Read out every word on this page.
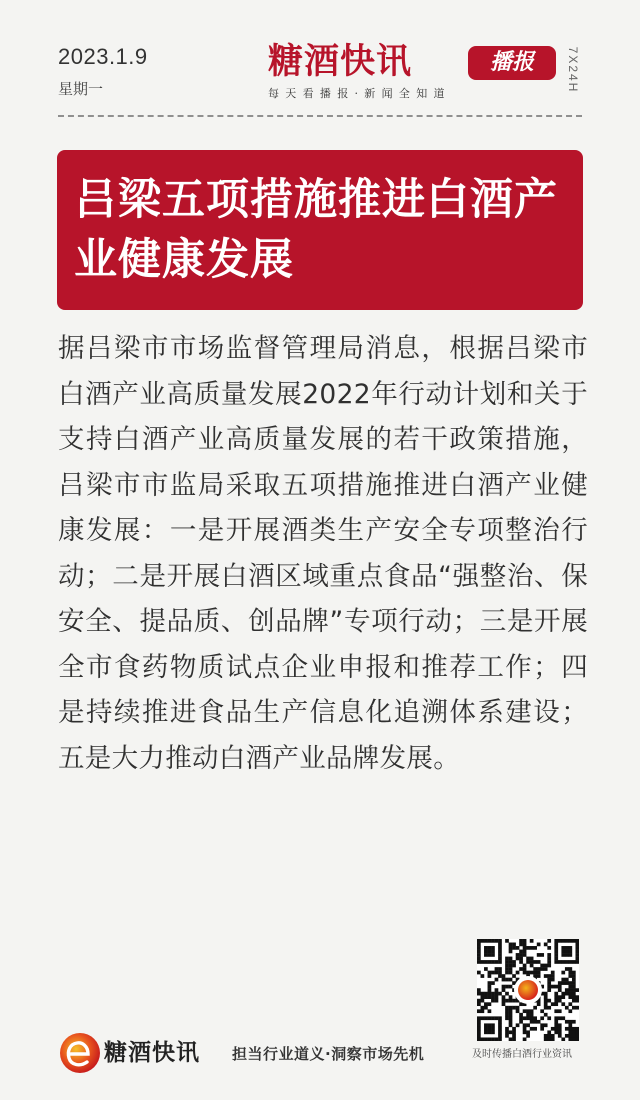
2023.1.9
星期一
糖酒快讯	播报
每天看播报·新闻全知道
7X24H
吕梁五项措施推进白酒产业健康发展

据吕梁市市场监督管理局消息，根据吕梁市白酒产业高质量发展2022年行动计划和关于支持白酒产业高质量发展的若干政策措施，吕梁市市监局采取五项措施推进白酒产业健康发展：一是开展酒类生产安全专项整治行动；二是开展白酒区域重点食品“强整治、保安全、提品质、创品牌”专项行动；三是开展全市食药物质试点企业申报和推荐工作；四是持续推进食品生产信息化追溯体系建设；五是大力推动白酒产业品牌发展。

糖酒快讯 担当行业道义·洞察市场先机	及时传播白酒行业资讯
